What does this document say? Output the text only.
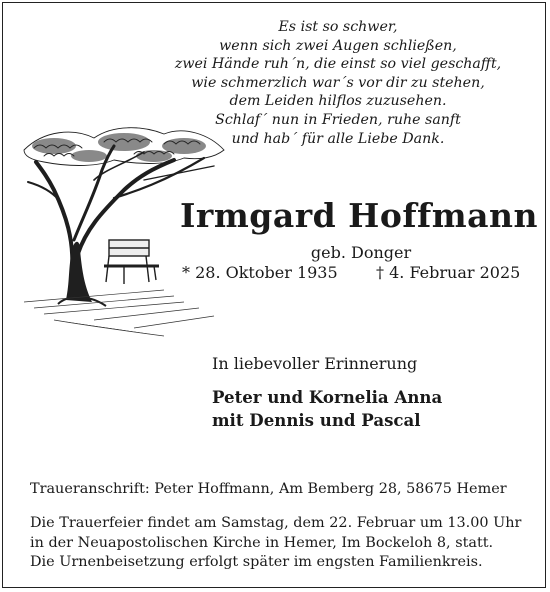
Es ist so schwer,
wenn sich zwei Augen schließen,
zwei Hände ruh´n, die einst so viel geschafft,
wie schmerzlich war´s vor dir zu stehen,
dem Leiden hilflos zuzusehen.
Schlaf´ nun in Frieden, ruhe sanft
und hab´ für alle Liebe Dank.
Irmgard Hoffmann
geb. Donger
* 28. Oktober 1935 † 4. Februar 2025
In liebevoller Erinnerung
Peter und Kornelia Anna
mit Dennis und Pascal
Traueranschrift: Peter Hoffmann, Am Bemberg 28, 58675 Hemer
Die Trauerfeier findet am Samstag, dem 22. Februar um 13.00 Uhr
in der Neuapostolischen Kirche in Hemer, Im Bockeloh 8, statt.
Die Urnenbeisetzung erfolgt später im engsten Familienkreis.
